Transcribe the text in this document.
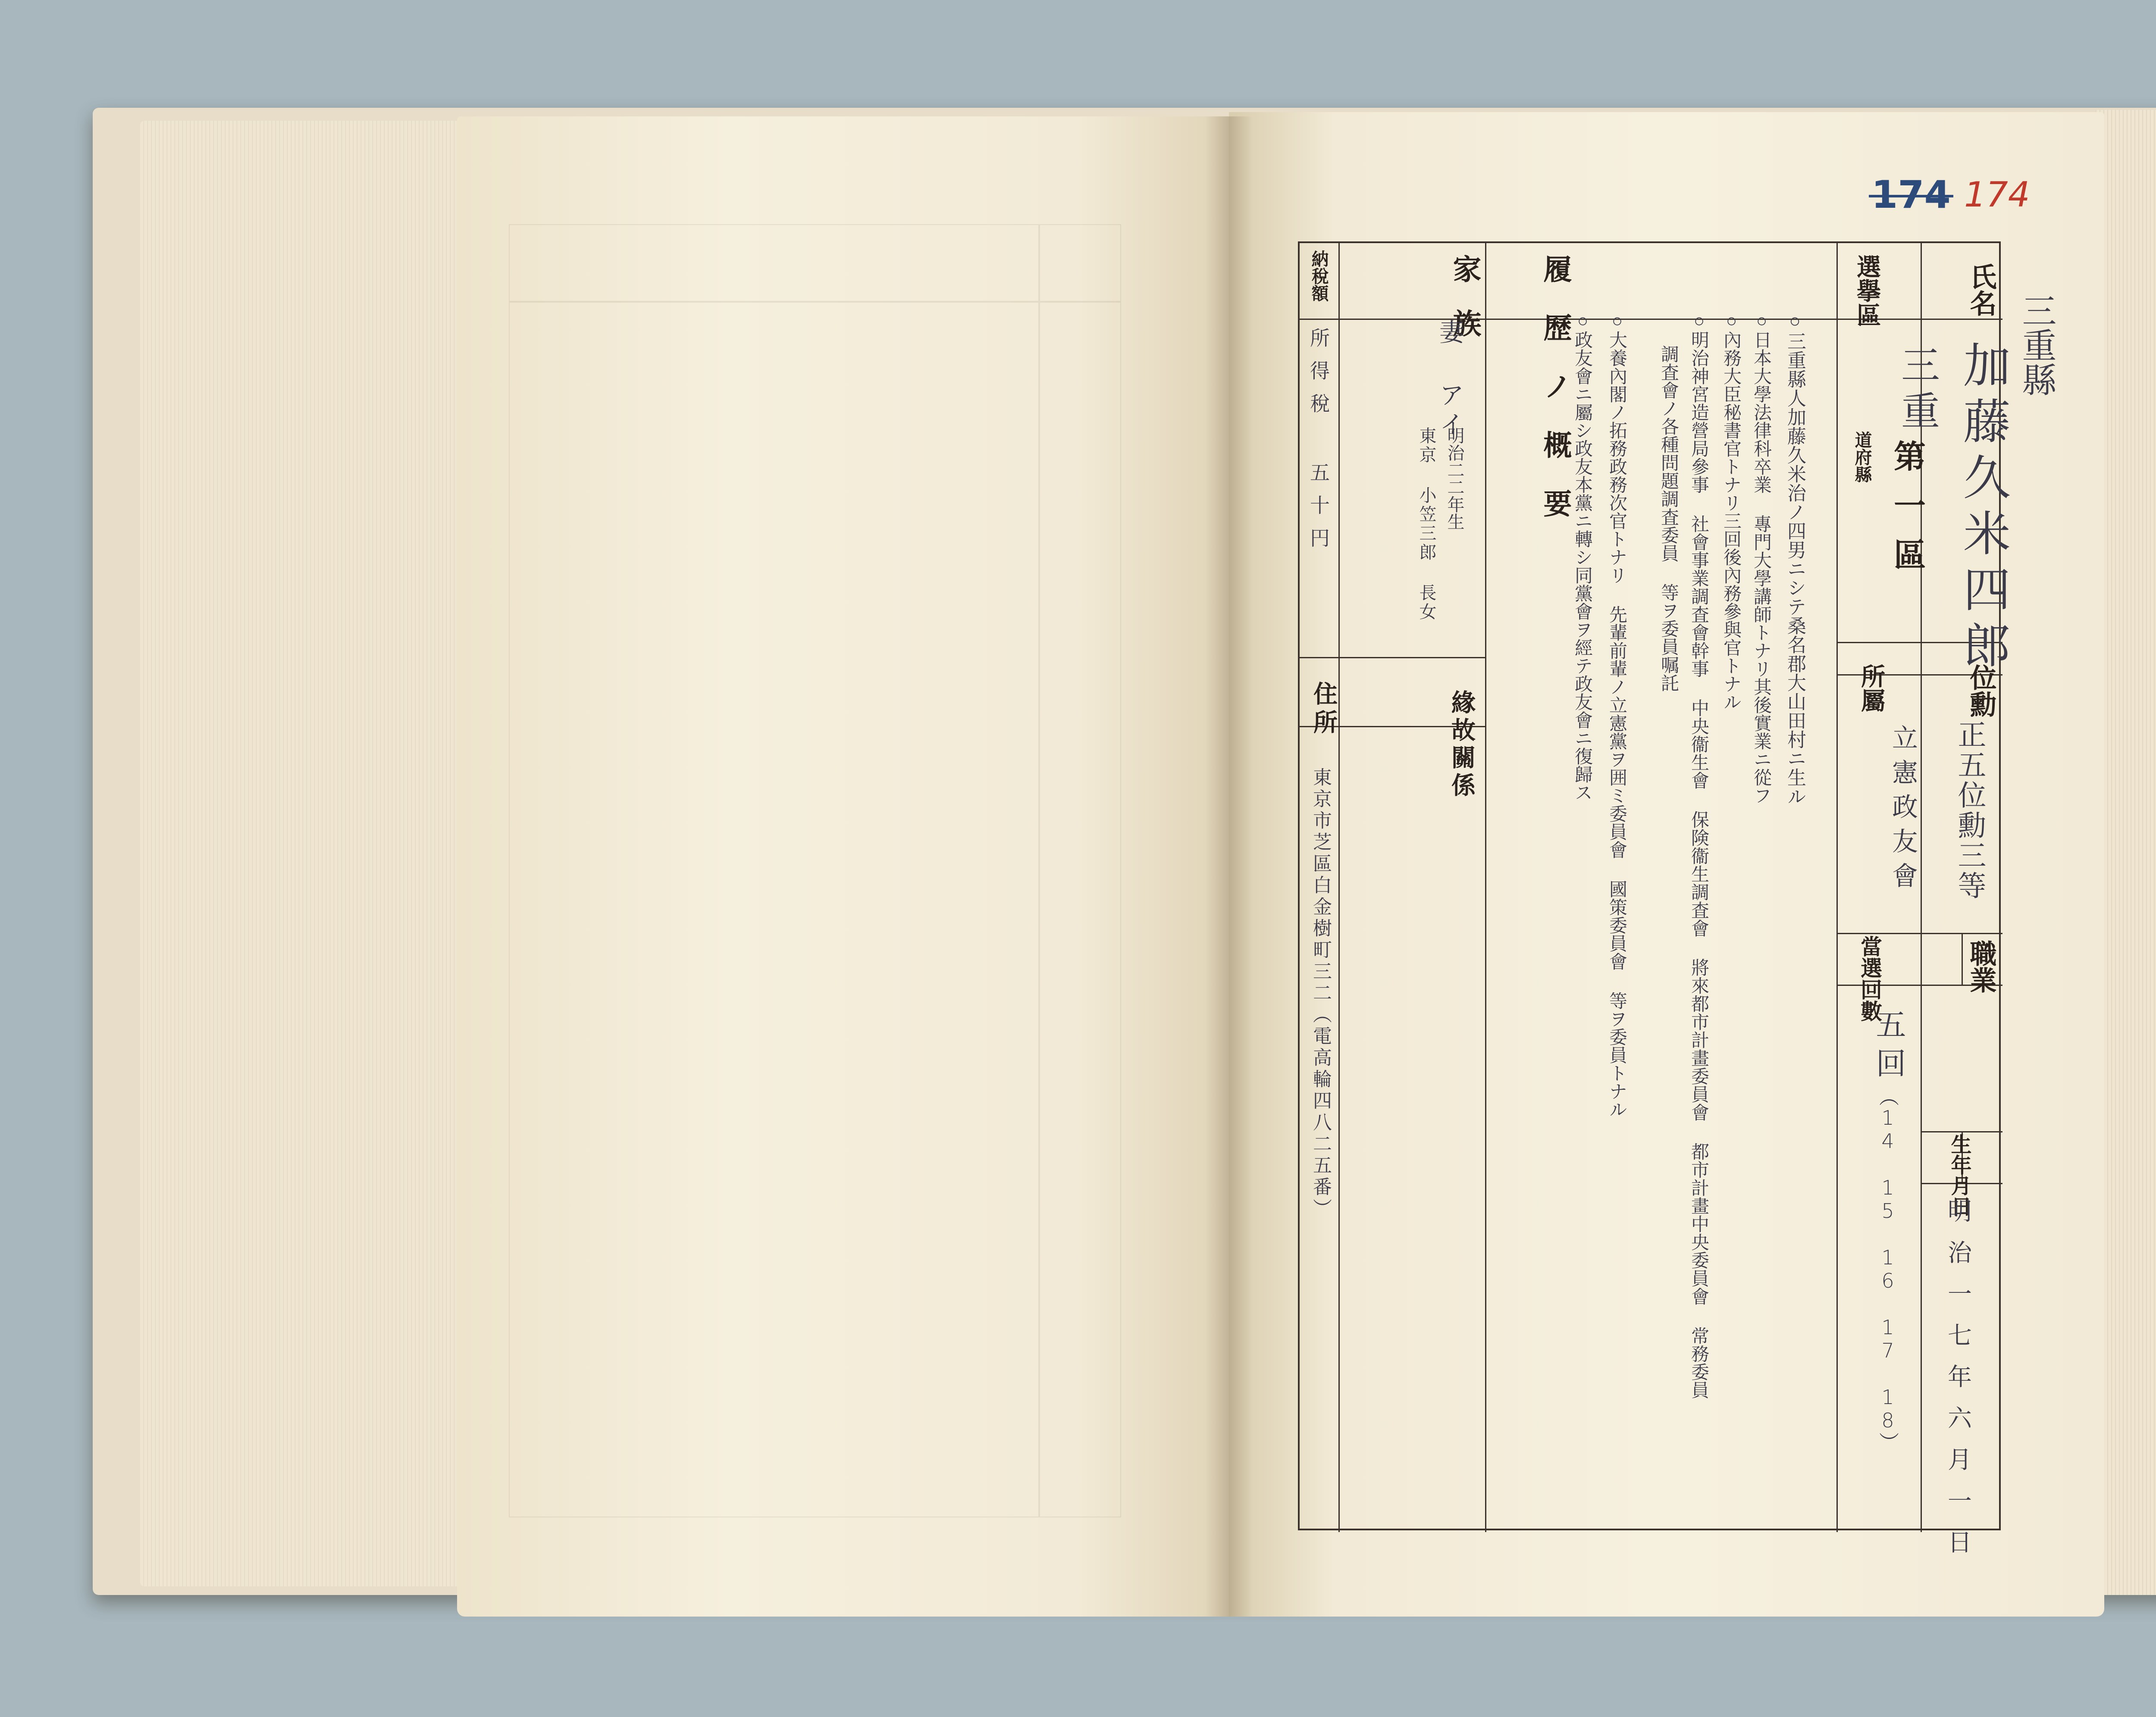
174 174
三重縣
氏名
選擧區
位勳
所屬
職業
當選回數
生年月日
家族 履歷ノ概要
緣故關係
納稅額
住所
加藤久米四郎
三重
道府縣 第一區
正五位勳三等
立憲政友會
五回
（14 15 16 17 18） 明治一七年六月一日
○三重縣人加藤久米治ノ四男ニシテ桑名郡大山田村ニ生ル
○日本大學法律科卒業 專門大學講師トナリ其後實業ニ從フ
○內務大臣秘書官トナリ三回後內務參與官トナル
○明治神宮造營局參事 社會事業調査會幹事 中央衞生會 保険衞生調査會 將來都市計畫委員會 都市計畫中央委員會 常務委員
調査會ノ各種問題調査委員 等ヲ委員嘱託
○大養內閣ノ拓務政務次官トナリ 先輩前輩ノ立憲黨ヲ囲ミ委員會 國策委員會 等ヲ委員トナル
○政友會ニ屬シ政友本黨ニ轉シ同黨會ヲ經テ政友會ニ復歸ス
妻 アイ
明治二二年生
東京 小笠三郎 長女
所得稅 五十円
東京市芝區白金樹町三二（電高輪四八二五番）
